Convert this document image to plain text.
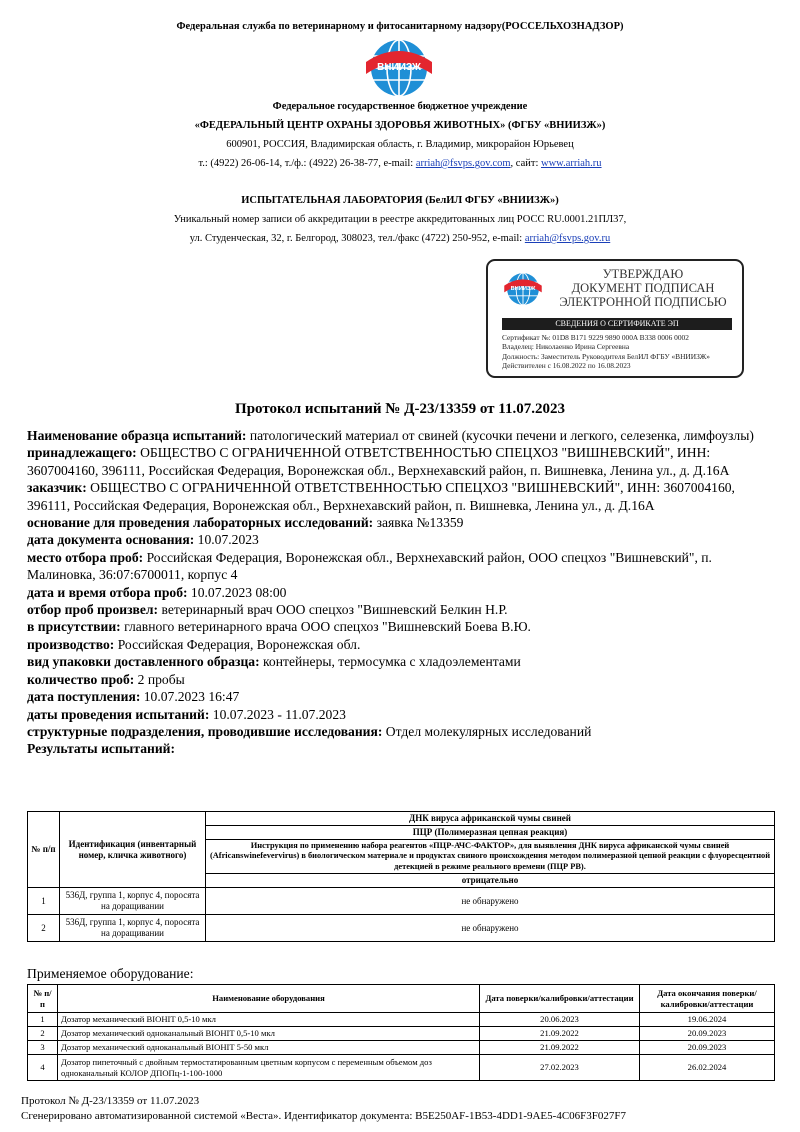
Федеральная служба по ветеринарному и фитосанитарному надзору(РОССЕЛЬХОЗНАДЗОР)
ВНИИЗЖ
Федеральное государственное бюджетное учреждение
«ФЕДЕРАЛЬНЫЙ ЦЕНТР ОХРАНЫ ЗДОРОВЬЯ ЖИВОТНЫХ» (ФГБУ «ВНИИЗЖ»)
600901, РОССИЯ, Владимирская область, г. Владимир, микрорайон Юрьевец
т.: (4922) 26-06-14, т./ф.: (4922) 26-38-77, e-mail: arriah@fsvps.gov.com, сайт: www.arriah.ru
ИСПЫТАТЕЛЬНАЯ ЛАБОРАТОРИЯ (БелИЛ ФГБУ «ВНИИЗЖ»)
Уникальный номер записи об аккредитации в реестре аккредитованных лиц РОСС RU.0001.21ПЛ37,
ул. Студенческая, 32, г. Белгород, 308023, тел./факс (4722) 250-952, e-mail: arriah@fsvps.gov.ru
ВНИИЗЖ
УТВЕРЖДАЮ
ДОКУМЕНТ ПОДПИСАН
ЭЛЕКТРОННОЙ ПОДПИСЬЮ
СВЕДЕНИЯ О СЕРТИФИКАТЕ ЭП
Сертификат №: 01D8 B171 9229 9890 000A B338 0006 0002
Владелец: Николаенко Ирина Сергеевна
Должность: Заместитель Руководителя БелИЛ ФГБУ «ВНИИЗЖ»
Действителен с 16.08.2022 по 16.08.2023
Протокол испытаний № Д-23/13359 от 11.07.2023

Наименование образца испытаний: патологический материал от свиней (кусочки печени и легкого, селезенка, лимфоузлы)

принадлежащего: ОБЩЕСТВО С ОГРАНИЧЕННОЙ ОТВЕТСТВЕННОСТЬЮ СПЕЦХОЗ "ВИШНЕВСКИЙ", ИНН: 3607004160, 396111, Российская Федерация, Воронежская обл., Верхнехавский район, п. Вишневка, Ленина ул., д. Д.16А

заказчик: ОБЩЕСТВО С ОГРАНИЧЕННОЙ ОТВЕТСТВЕННОСТЬЮ СПЕЦХОЗ "ВИШНЕВСКИЙ", ИНН: 3607004160, 396111, Российская Федерация, Воронежская обл., Верхнехавский район, п. Вишневка, Ленина ул., д. Д.16А

основание для проведения лабораторных исследований: заявка №13359

дата документа основания: 10.07.2023

место отбора проб: Российская Федерация, Воронежская обл., Верхнехавский район, ООО спецхоз "Вишневский", п. Малиновка, 36:07:6700011, корпус 4

дата и время отбора проб: 10.07.2023 08:00

отбор проб произвел: ветеринарный врач ООО спецхоз "Вишневский Белкин Н.Р.

в присутствии: главного ветеринарного врача ООО спецхоз "Вишневский Боева В.Ю.

производство: Российская Федерация, Воронежская обл.

вид упаковки доставленного образца: контейнеры, термосумка с хладоэлементами

количество проб: 2 пробы

дата поступления: 10.07.2023 16:47

даты проведения испытаний: 10.07.2023 - 11.07.2023

структурные подразделения, проводившие исследования: Отдел молекулярных исследований

Результаты испытаний:

№ п/п	Идентификация (инвентарный номер, кличка животного)	ДНК вируса африканской чумы свиней
		ПЦР (Полимеразная цепная реакция)
		Инструкция по применению набора реагентов «ПЦР-АЧС-ФАКТОР», для выявления ДНК вируса африканской чумы свиней (Africanswinefevervirus) в биологическом материале и продуктах свиного происхождения методом полимеразной цепной реакции с флуоресцентной детекцией в режиме реального времени (ПЦР РВ).
		отрицательно
1	536Д, группа 1, корпус 4, поросята на доращивании	не обнаружено
2	536Д, группа 1, корпус 4, поросята на доращивании	не обнаружено
Применяемое оборудование:
№ п/п	Наименование оборудования	Дата поверки/калибровки/аттестации	Дата окончания поверки/калибровки/аттестации
1	Дозатор механический BIOHIT 0,5-10 мкл	20.06.2023	19.06.2024
2	Дозатор механический одноканальный BIOHIT 0,5-10 мкл	21.09.2022	20.09.2023
3	Дозатор механический одноканальный BIOHIT 5-50 мкл	21.09.2022	20.09.2023
4	Дозатор пипеточный с двойным термостатированным цветным корпусом с переменным объемом доз одноканальный КОЛОР ДПОПц-1-100-1000	27.02.2023	26.02.2024
Протокол № Д-23/13359 от 11.07.2023
Сгенерировано автоматизированной системой «Веста». Идентификатор документа: B5E250AF-1B53-4DD1-9AE5-4C06F3F027F7
